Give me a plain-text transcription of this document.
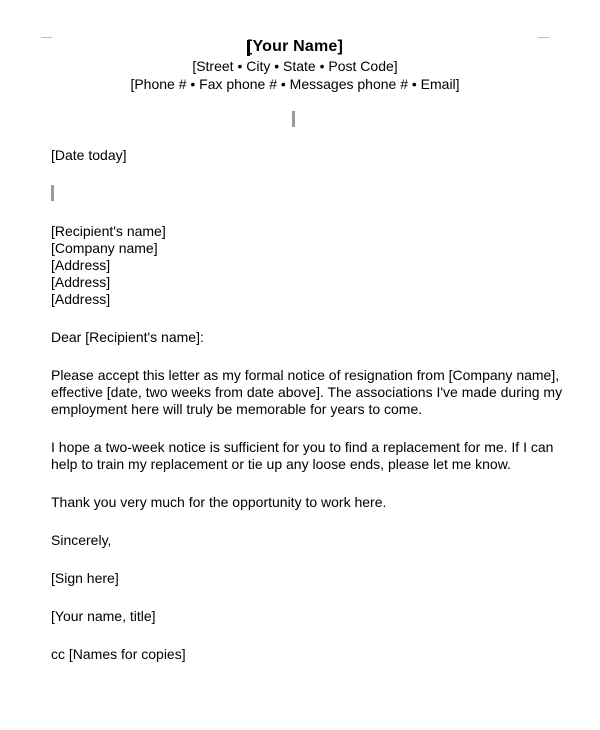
[Your Name]
[Street • City • State • Post Code]
[Phone # • Fax phone # • Messages phone # • Email]
[Date today]
[Recipient's name]
[Company name]
[Address]
[Address]
[Address]
Dear [Recipient's name]:
Please accept this letter as my formal notice of resignation from [Company name],
effective [date, two weeks from date above]. The associations I've made during my
employment here will truly be memorable for years to come.
I hope a two-week notice is sufficient for you to find a replacement for me. If I can
help to train my replacement or tie up any loose ends, please let me know.
Thank you very much for the opportunity to work here.
Sincerely,
[Sign here]
[Your name, title]
cc [Names for copies]
